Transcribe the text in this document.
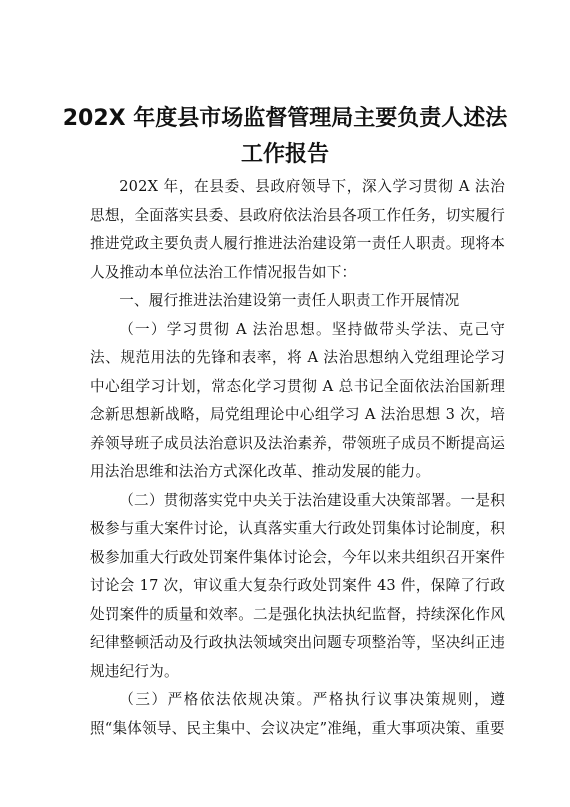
202X 年度县市场监督管理局主要负责人述法
工作报告

202X 年，在县委、县政府领导下，深入学习贯彻 A 法治思想，全面落实县委、县政府依法治县各项工作任务，切实履行推进党政主要负责人履行推进法治建设第一责任人职责。现将本人及推动本单位法治工作情况报告如下：

一、履行推进法治建设第一责任人职责工作开展情况

（一）学习贯彻 A 法治思想。坚持做带头学法、克己守法、规范用法的先锋和表率，将 A 法治思想纳入党组理论学习中心组学习计划，常态化学习贯彻 A 总书记全面依法治国新理念新思想新战略，局党组理论中心组学习 A 法治思想 3 次，培养领导班子成员法治意识及法治素养，带领班子成员不断提高运用法治思维和法治方式深化改革、推动发展的能力。

（二）贯彻落实党中央关于法治建设重大决策部署。一是积极参与重大案件讨论，认真落实重大行政处罚集体讨论制度，积极参加重大行政处罚案件集体讨论会，今年以来共组织召开案件讨论会 17 次，审议重大复杂行政处罚案件 43 件，保障了行政处罚案件的质量和效率。二是强化执法执纪监督，持续深化作风纪律整顿活动及行政执法领域突出问题专项整治等，坚决纠正违规违纪行为。

（三）严格依法依规决策。严格执行议事决策规则，遵照“集体领导、民主集中、会议决定”准绳，重大事项决策、重要
